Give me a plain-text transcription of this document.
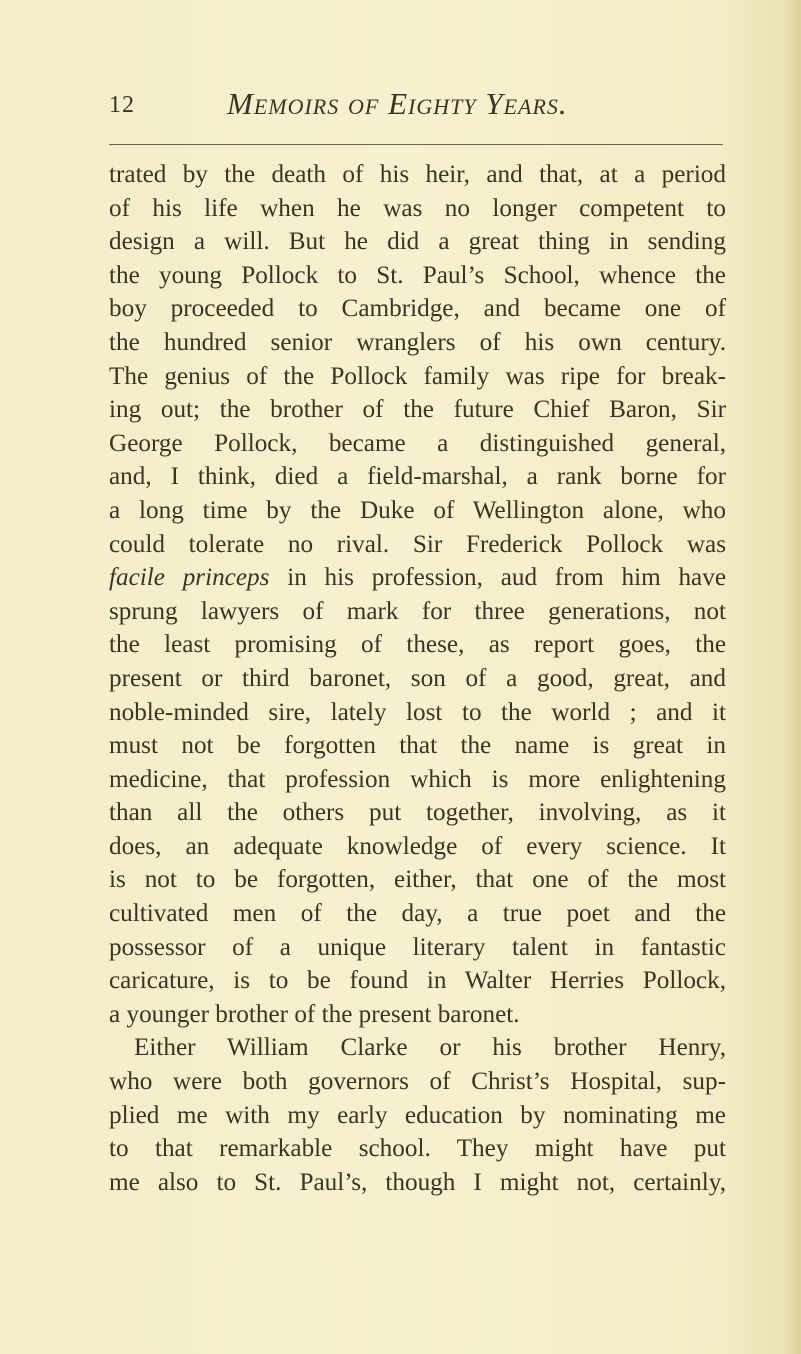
12	Memoirs of Eighty Years.
trated by the death of his heir, and that, at a period
of his life when he was no longer competent to
design a will. But he did a great thing in sending
the young Pollock to St. Paul’s School, whence the
boy proceeded to Cambridge, and became one of
the hundred senior wranglers of his own century.
The genius of the Pollock family was ripe for break-
ing out; the brother of the future Chief Baron, Sir
George Pollock, became a distinguished general,
and, I think, died a field-marshal, a rank borne for
a long time by the Duke of Wellington alone, who
could tolerate no rival. Sir Frederick Pollock was
facile princeps in his profession, aud from him have
sprung lawyers of mark for three generations, not
the least promising of these, as report goes, the
present or third baronet, son of a good, great, and
noble-minded sire, lately lost to the world ; and it
must not be forgotten that the name is great in
medicine, that profession which is more enlightening
than all the others put together, involving, as it
does, an adequate knowledge of every science. It
is not to be forgotten, either, that one of the most
cultivated men of the day, a true poet and the
possessor of a unique literary talent in fantastic
caricature, is to be found in Walter Herries Pollock,
a younger brother of the present baronet.
Either William Clarke or his brother Henry,
who were both governors of Christ’s Hospital, sup-
plied me with my early education by nominating me
to that remarkable school. They might have put
me also to St. Paul’s, though I might not, certainly,
